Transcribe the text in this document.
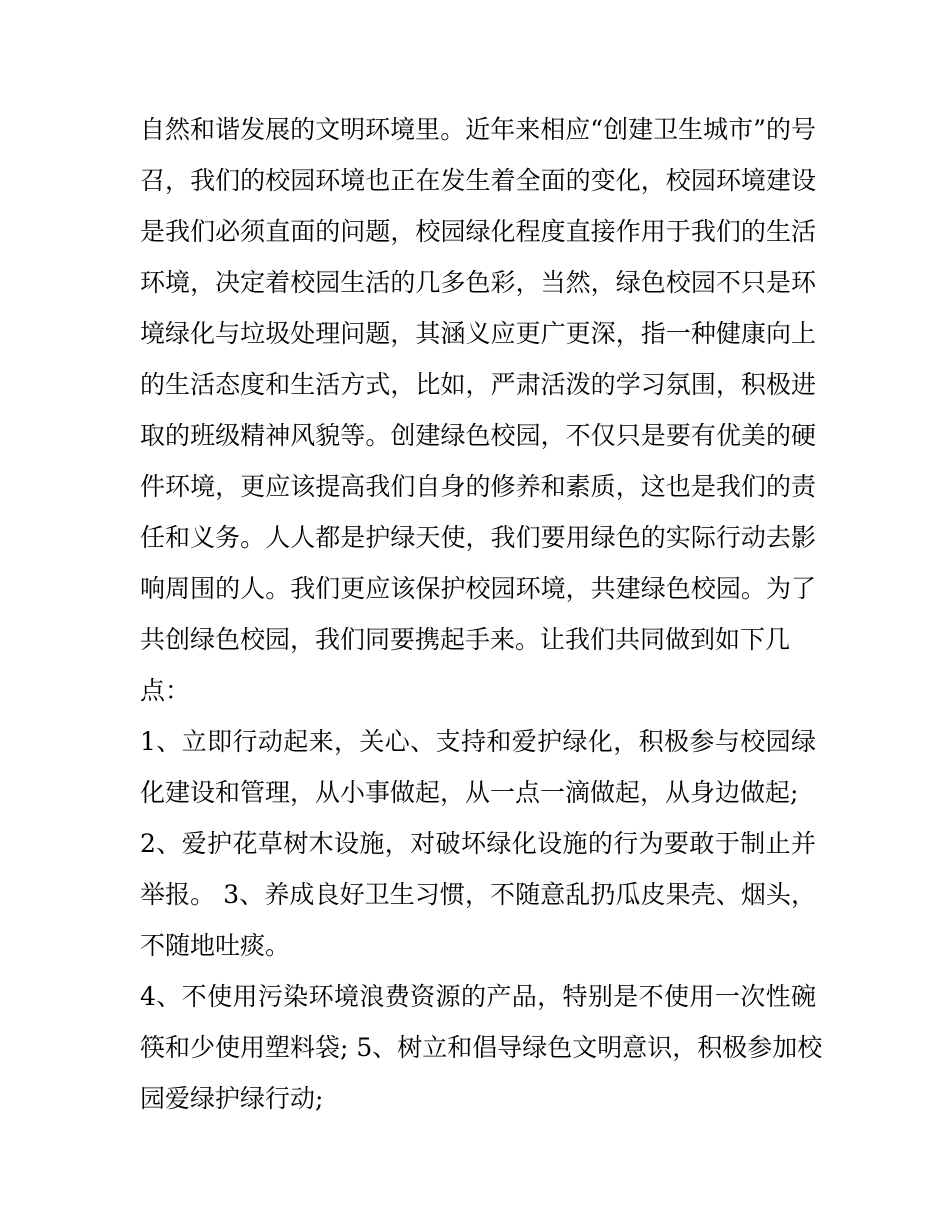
自然和谐发展的文明环境里。近年来相应“创建卫生城市”的号
召，我们的校园环境也正在发生着全面的变化，校园环境建设
是我们必须直面的问题，校园绿化程度直接作用于我们的生活
环境，决定着校园生活的几多色彩，当然，绿色校园不只是环
境绿化与垃圾处理问题，其涵义应更广更深，指一种健康向上
的生活态度和生活方式，比如，严肃活泼的学习氛围，积极进
取的班级精神风貌等。创建绿色校园，不仅只是要有优美的硬
件环境，更应该提高我们自身的修养和素质，这也是我们的责
任和义务。人人都是护绿天使，我们要用绿色的实际行动去影
响周围的人。我们更应该保护校园环境，共建绿色校园。为了
共创绿色校园，我们同要携起手来。让我们共同做到如下几
点：

1、立即行动起来，关心、支持和爱护绿化，积极参与校园绿
化建设和管理，从小事做起，从一点一滴做起，从身边做起;

2、爱护花草树木设施，对破坏绿化设施的行为要敢于制止并
举报。 3、养成良好卫生习惯，不随意乱扔瓜皮果壳、烟头，
不随地吐痰。

4、不使用污染环境浪费资源的产品，特别是不使用一次性碗
筷和少使用塑料袋; 5、树立和倡导绿色文明意识，积极参加校
园爱绿护绿行动;
